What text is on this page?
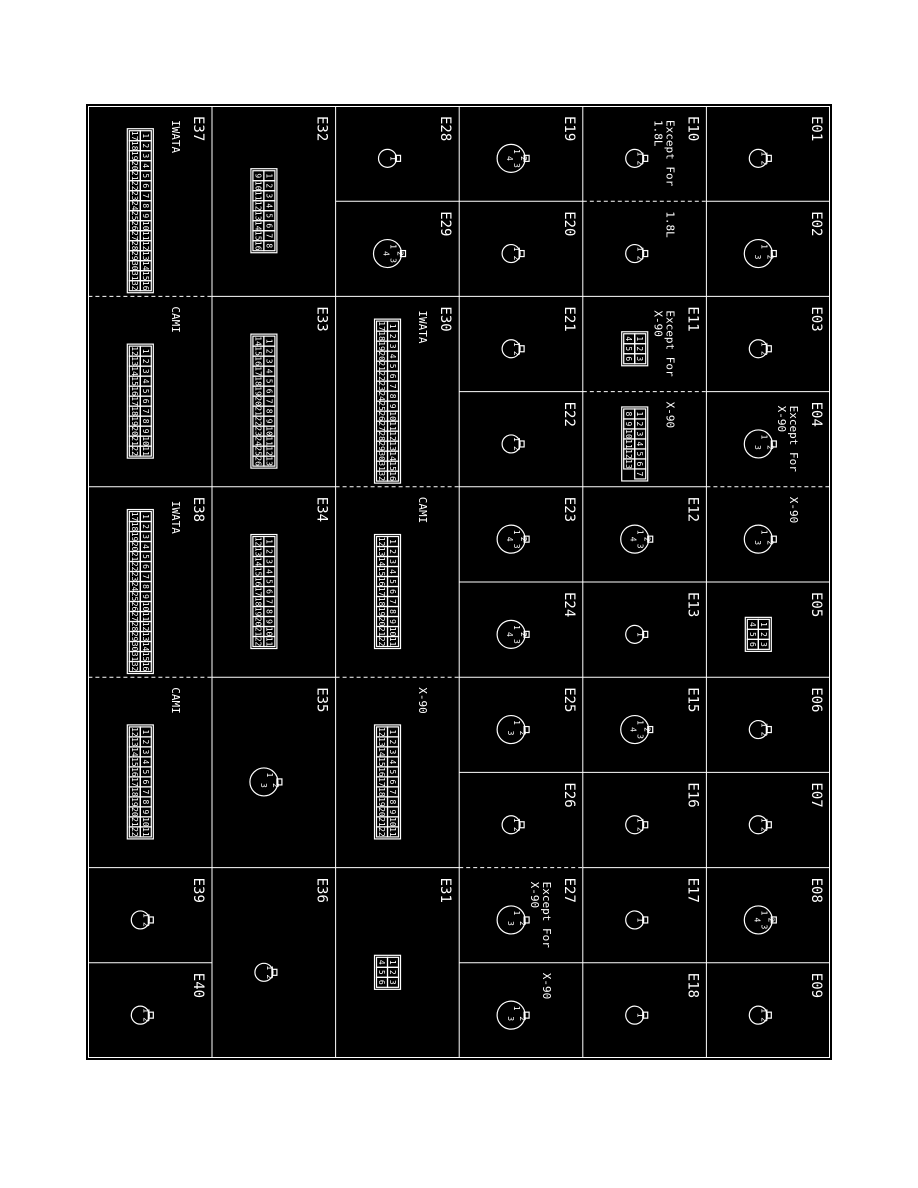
E01
1
2
E02
1
2
3
E03
1
2
E04
Except For
X-90
1
2
3
X-90
1
2
3
E05
1
2
3
4
5
6
E06
1
2
E07
1
2
E08
1
2
3
4
E09
1
2
E10
Except For
1.8L
1
2
1.8L
1
2
E11
Except For
X-90
1
2
3
4
5
6
X-90
1
2
3
4
5
6
7
8
9
10
11
12
13
E12
1
2
3
4
E13
1
E15
1
2
3
4
E16
1
2
E17
1
E18
1
E19
1
2
3
4
E20
1
2
E21
1
2
E22
1
2
E23
1
2
3
4
E24
1
2
3
4
E25
1
2
3
E26
1
2
E27
Except For
X-90
1
2
3
X-90
1
2
3
E28
1
E29
1
2
3
4
E30
IWATA
1
2
3
4
5
6
7
8
9
10
11
12
13
14
15
16
17
18
19
20
21
22
23
24
25
26
27
28
29
30
31
32
CAMI
1
2
3
4
5
6
7
8
9
10
11
12
13
14
15
16
17
18
19
20
21
22
X-90
1
2
3
4
5
6
7
8
9
10
11
12
13
14
15
16
17
18
19
20
21
22
E31
1
2
3
4
5
6
E32
1
2
3
4
5
6
7
8
9
10
11
12
13
14
15
16
E33
1
2
3
4
5
6
7
8
9
10
11
12
13
14
15
16
17
18
19
20
21
22
23
24
25
26
E34
1
2
3
4
5
6
7
8
9
10
11
12
13
14
15
16
17
18
19
20
21
22
E35
1
2
3
E36
1
2
E37
IWATA
1
2
3
4
5
6
7
8
9
10
11
12
13
14
15
16
17
18
19
20
21
22
23
24
25
26
27
28
29
30
31
32
CAMI
1
2
3
4
5
6
7
8
9
10
11
12
13
14
15
16
17
18
19
20
21
22
E38
IWATA
1
2
3
4
5
6
7
8
9
10
11
12
13
14
15
16
17
18
19
20
21
22
23
24
25
26
27
28
29
30
31
32
CAMI
1
2
3
4
5
6
7
8
9
10
11
12
13
14
15
16
17
18
19
20
21
22
E39
1
2
E40
1
2
